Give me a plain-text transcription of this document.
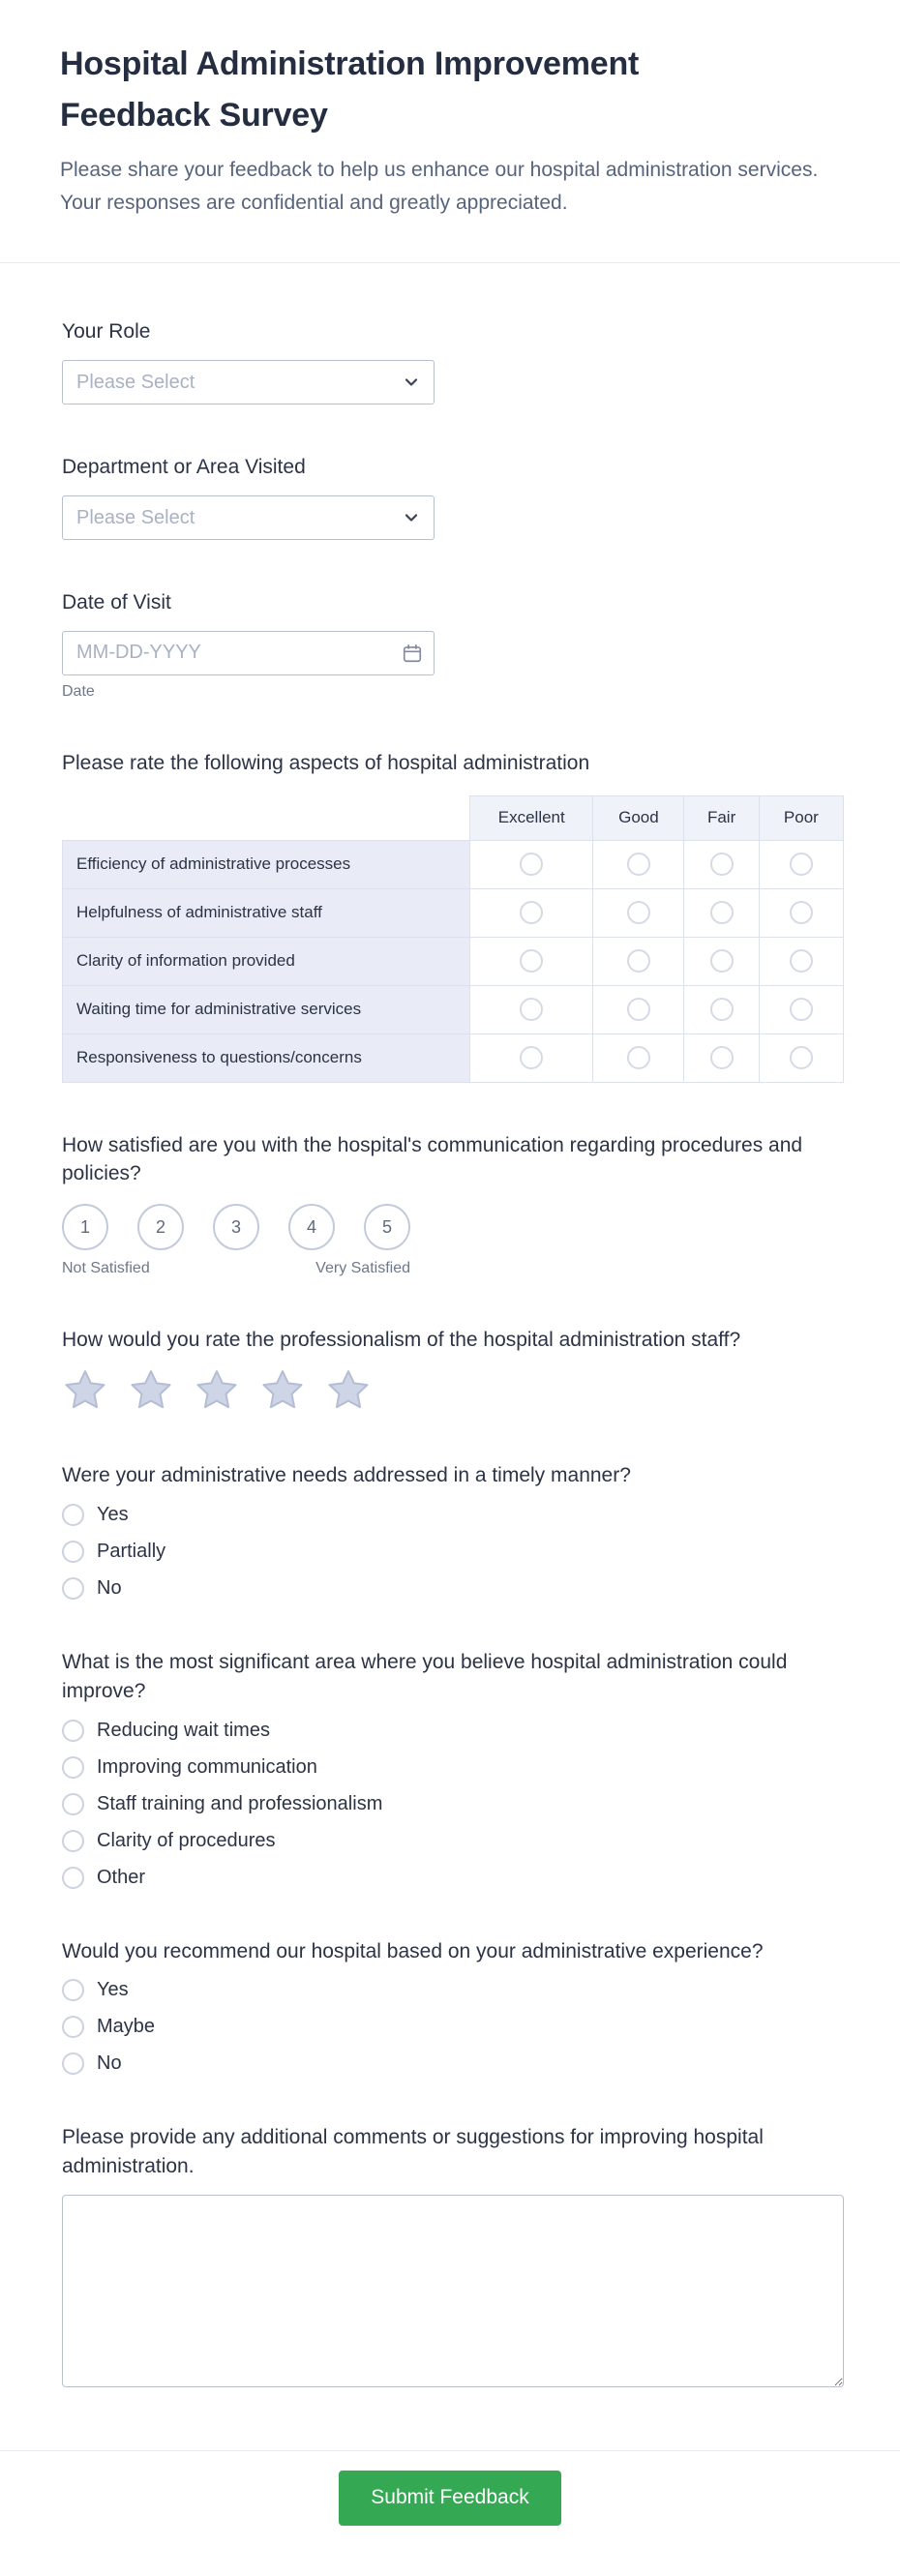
Hospital Administration Improvement Feedback Survey

Please share your feedback to help us enhance our hospital administration services. Your responses are confidential and greatly appreciated.

Your Role
Please Select
Department or Area Visited
Please Select
Date of Visit
MM-DD-YYYY
Date
Please rate the following aspects of hospital administration
	Excellent	Good	Fair	Poor
Efficiency of administrative processes				
Helpfulness of administrative staff				
Clarity of information provided				
Waiting time for administrative services				
Responsiveness to questions/concerns				
How satisfied are you with the hospital's communication regarding procedures and policies?
1	2	3	4	5
Not Satisfied	Very Satisfied
How would you rate the professionalism of the hospital administration staff?
Were your administrative needs addressed in a timely manner?
Yes
Partially
No
What is the most significant area where you believe hospital administration could improve?
Reducing wait times
Improving communication
Staff training and professionalism
Clarity of procedures
Other
Would you recommend our hospital based on your administrative experience?
Yes
Maybe
No
Please provide any additional comments or suggestions for improving hospital administration.
Submit Feedback
